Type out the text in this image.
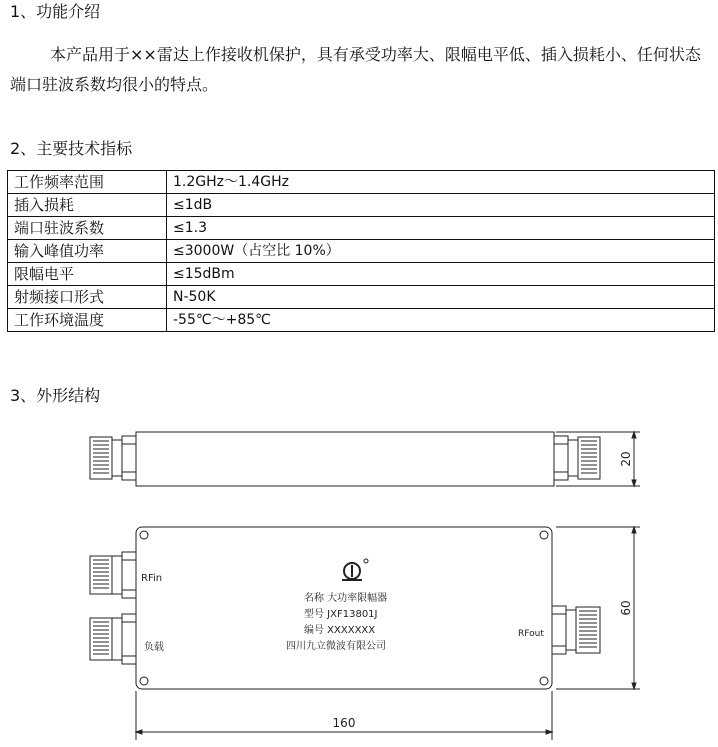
1、功能介绍
本产品用于××雷达上作接收机保护，具有承受功率大、限幅电平低、插入损耗小、任何状态端口驻波系数均很小的特点。
2、主要技术指标
工作频率范围	1.2GHz～1.4GHz
插入损耗	≤1dB
端口驻波系数	≤1.3
输入峰值功率	≤3000W（占空比 10%）
限幅电平	≤15dBm
射频接口形式	N-50K
工作环境温度	-55℃～+85℃
3、外形结构
20
60
160
RFin
RFout
负载
名称 大功率限幅器
型号 JXF13801J
编号 XXXXXXX
四川九立微波有限公司
